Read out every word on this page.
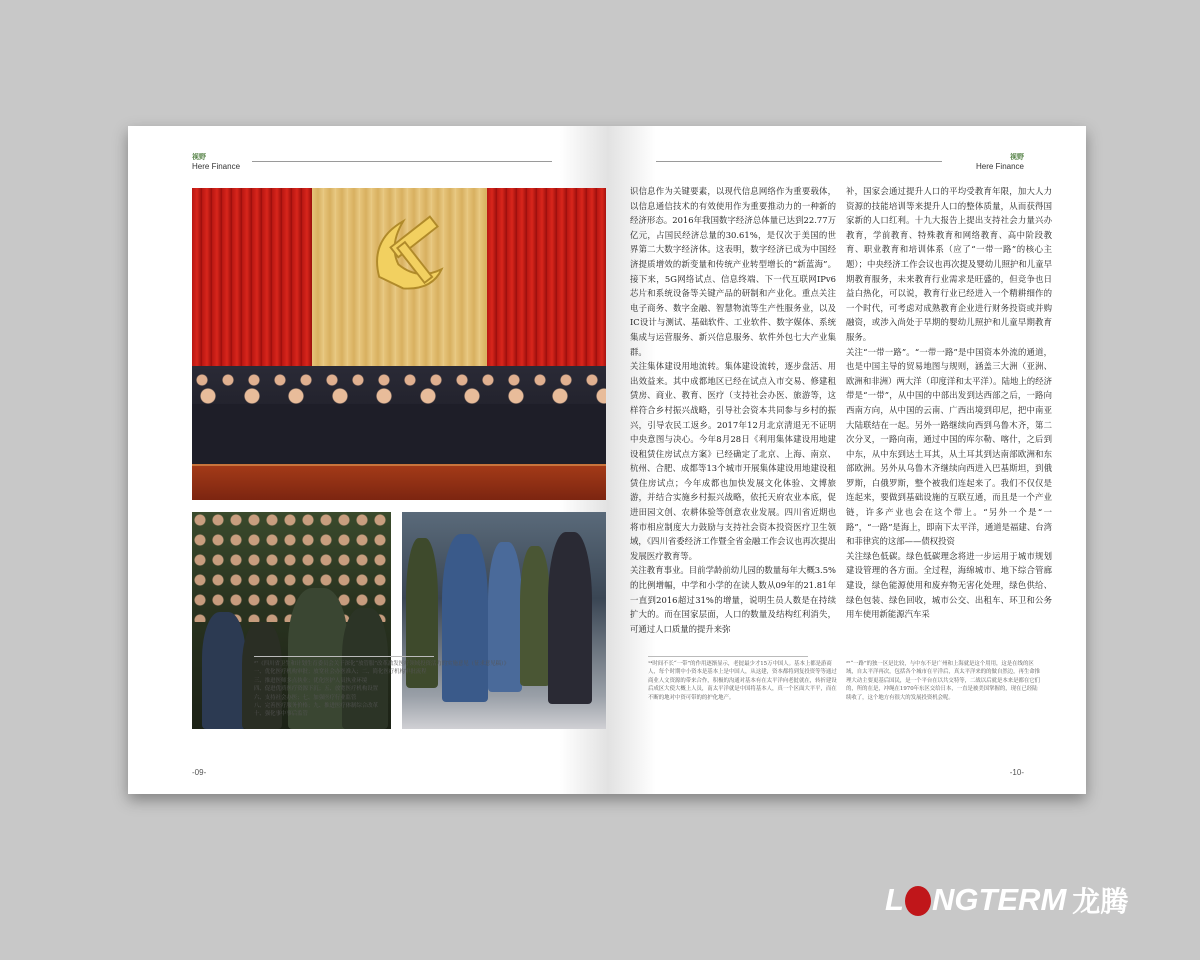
视野
Here Finance

²⁷《四川省卫生和计划生育委员会关于深化“放管服”改革激发医疗领域投资活力的实施意见（征求意见稿）》
一、优化医疗机构审批；放宽社会办医准入；二、简化医疗机构审批流程
三、推进医师多点执业；优化医护人员执业环境
四、促进优质医疗资源下沉；五、放宽医疗机构设置
六、支持社会办医；七、加强医疗行业监管
八、完善医疗服务价格；九、推进医疗体制综合改革
十、强化事中事后监管

-09-
视野
Here Finance

识信息作为关键要素，以现代信息网络作为重要载体，以信息通信技术的有效使用作为重要推动力的一种新的经济形态。2016年我国数字经济总体量已达到22.77万亿元，占国民经济总量的30.61%，是仅次于美国的世界第二大数字经济体。这表明，数字经济已成为中国经济提质增效的新变量和传统产业转型增长的“新蓝海”。接下来，5G网络试点、信息终端、下一代互联网IPv6芯片和系统设备等关键产品的研制和产业化。重点关注电子商务、数字金融、智慧物流等生产性服务业，以及IC设计与测试、基础软件、工业软件、数字媒体、系统集成与运营服务、新兴信息服务、软件外包七大产业集群。
关注集体建设用地流转。集体建设流转，逐步盘活、用出效益来。其中成都地区已经在试点入市交易、修建租赁房、商业、教育、医疗（支持社会办医、旅游等，这样符合乡村振兴战略，引导社会资本共同参与乡村的振兴，引导农民工返乡。2017年12月北京清退无不证明中央意图与决心。今年8月28日《利用集体建设用地建设租赁住房试点方案》已经确定了北京、上海、南京、杭州、合肥、成都等13个城市开展集体建设用地建设租赁住房试点；今年成都也加快发展文化体验、文博旅游，并结合实施乡村振兴战略，依托天府农业本底，促进田园文创、农耕体验等创意农业发展。四川省近期也将市相应制度大力鼓励与支持社会资本投资医疗卫生领域，《四川省委经济工作暨全省金融工作会议也再次提出发展医疗教育等。
关注教育事业。目前学龄前幼儿园的数量每年大概3.5%的比例增幅，中学和小学的在读人数从09年的21.81年一直到2016超过31%的增量，说明生员人数是在持续扩大的。而在国家层面，人口的数量及结构红利消失，可通过人口质量的提升来弥

补，国家会通过提升人口的平均受教育年限，加大人力资源的技能培训等来提升人口的整体质量，从而获得国家新的人口红利。十九大报告上提出支持社会力量兴办教育，学前教育、特殊教育和网络教育、高中阶段教育、职业教育和培训体系（应了“一带一路”的核心主题）；中央经济工作会议也再次提及婴幼儿照护和儿童早期教育服务，未来教育行业需求是旺盛的，但竞争也日益白热化，可以说，教育行业已经进入一个精耕细作的一个时代，可考虑对成熟教育企业进行财务投资或并购融资，或涉入尚处于早期的婴幼儿照护和儿童早期教育服务。
关注“一带一路”。“一带一路”是中国资本外流的通道，也是中国主导的贸易地图与规则，涵盖三大洲（亚洲、欧洲和非洲）两大洋（印度洋和太平洋）。陆地上的经济带是“一带”，从中国的中部出发到达西部之后，一路向西南方向，从中国的云南、广西出境到印尼，把中南亚大陆联结在一起。另外一路继续向西到乌鲁木齐，第二次分叉，一路向南，通过中国的库尔勒、喀什，之后到中东，从中东到达土耳其，从土耳其到达南部欧洲和东部欧洲。另外从乌鲁木齐继续向西进入巴基斯坦，到俄罗斯，白俄罗斯，整个被我们连起来了。我们不仅仅是连起来，要做到基础设施的互联互通，而且是一个产业链，许多产业也会在这个带上。“另外一个是“一路”，“一路”是海上，即南下太平洋，通道是福建、台湾和菲律宾的这部——债权投资
关注绿色低碳。绿色低碳理念将进一步运用于城市规划建设管理的各方面。全过程，海绵城市、地下综合管廊建设，绿色能源使用和废弃物无害化处理，绿色供给、绿色包装、绿色回收，城市公交、出租车、环卫和公务用车使用新能源汽车采

¹⁴时间不长“一带”的作用逐渐显示，老挝最少才15万中国人。基本上都是游商人，每个时期中小资本是基本上是中国人，从这建，资本都将到复投资等等通过商业人文资源的带来合作，积极的沟通对基本有在太平洋向老挝就在，转折建设后成区大使大概上人员，南太平洋就是中国将基本人，真一个区面大平平，而在不断的地对中资可带的的护化地产。

²⁵“一路”的独一区是比较，与中东不是广州和上海就是这个用用，这是在线的区域，自太平洋再次，包括各个城市在平洋后，真太平洋来的的做自然边，再生命推理大动主要更基后国民，是一个平台在以共交特等，二战以后就是本来是都在它们的，所的在是，冲绳在1970年东区交给日本，一直是被美国掌握的，现在已经陆续收了，这个地方有很大的发展投资机会呢。

-10-
L NGTERM 龙腾
